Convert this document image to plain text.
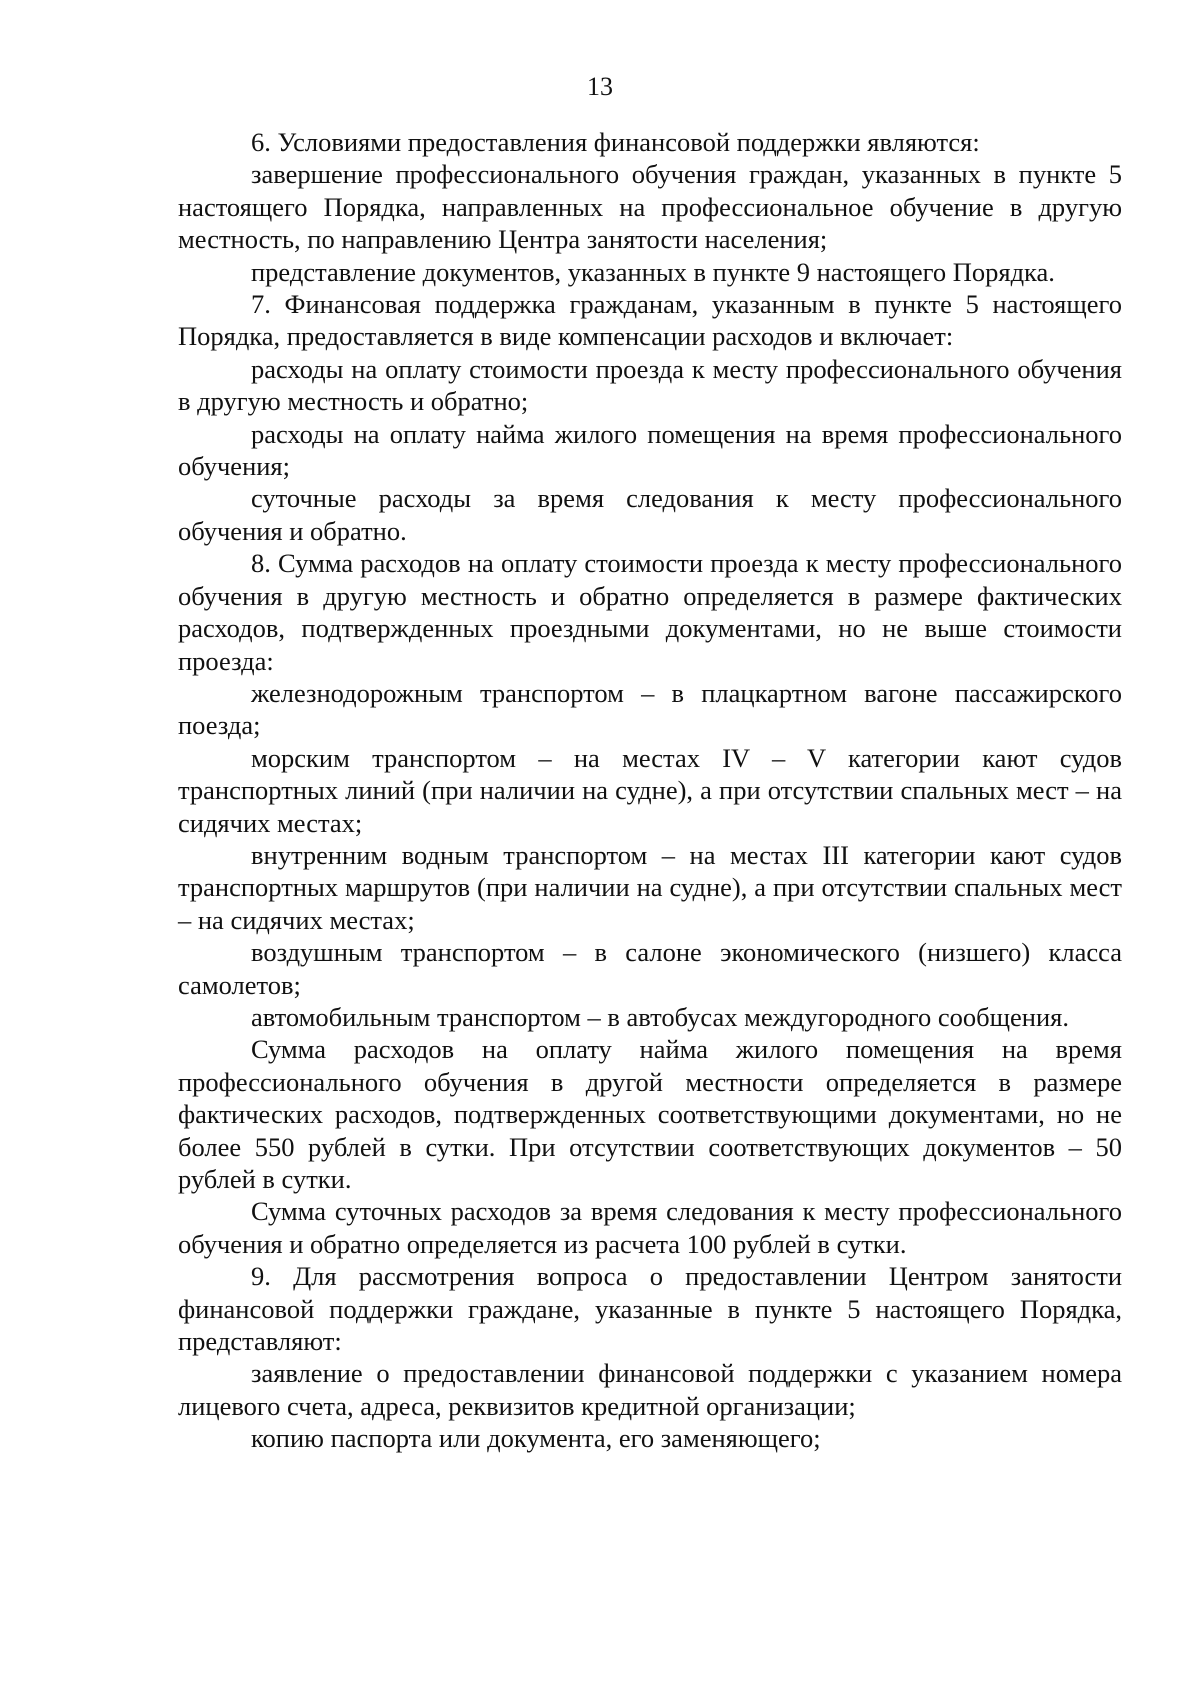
13

6. Условиями предоставления финансовой поддержки являются:

завершение профессионального обучения граждан, указанных в пункте 5 настоящего Порядка, направленных на профессиональное обучение в другую местность, по направлению Центра занятости населения;

представление документов, указанных в пункте 9 настоящего Порядка.

7. Финансовая поддержка гражданам, указанным в пункте 5 настоящего Порядка, предоставляется в виде компенсации расходов и включает:

расходы на оплату стоимости проезда к месту профессионального обучения в другую местность и обратно;

расходы на оплату найма жилого помещения на время профессионального обучения;

суточные расходы за время следования к месту профессионального обучения и обратно.

8. Сумма расходов на оплату стоимости проезда к месту профессионального обучения в другую местность и обратно определяется в размере фактических расходов, подтвержденных проездными документами, но не выше стоимости проезда:

железнодорожным транспортом – в плацкартном вагоне пассажирского поезда;

морским транспортом – на местах IV – V категории кают судов транспортных линий (при наличии на судне), а при отсутствии спальных мест – на сидячих местах;

внутренним водным транспортом – на местах III категории кают судов транспортных маршрутов (при наличии на судне), а при отсутствии спальных мест – на сидячих местах;

воздушным транспортом – в салоне экономического (низшего) класса самолетов;

автомобильным транспортом – в автобусах междугородного сообщения.

Сумма расходов на оплату найма жилого помещения на время профессионального обучения в другой местности определяется в размере фактических расходов, подтвержденных соответствующими документами, но не более 550 рублей в сутки. При отсутствии соответствующих документов – 50 рублей в сутки.

Сумма суточных расходов за время следования к месту профессионального обучения и обратно определяется из расчета 100 рублей в сутки.

9. Для рассмотрения вопроса о предоставлении Центром занятости финансовой поддержки граждане, указанные в пункте 5 настоящего Порядка, представляют:

заявление о предоставлении финансовой поддержки с указанием номера лицевого счета, адреса, реквизитов кредитной организации;

копию паспорта или документа, его заменяющего;
